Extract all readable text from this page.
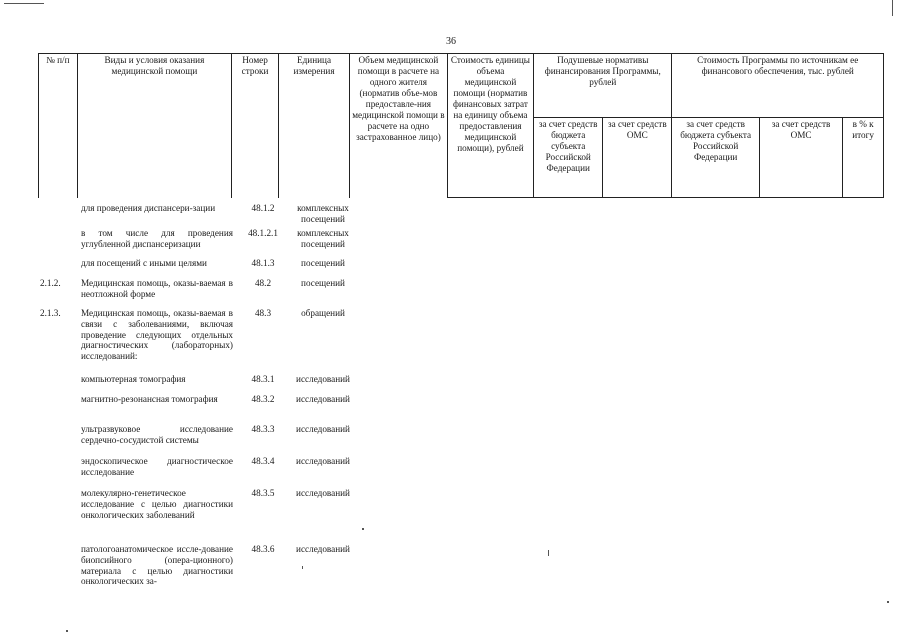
36
№ п/п	Виды и условия оказания медицинской помощи	Номер строки	Единица измерения	Объем медицинской помощи в расчете на одного жителя (норматив объе-мов предоставле-ния медицинской помощи в расчете на одно застрахованное лицо)	Стоимость единицы объема медицинской помощи (норматив финансовых затрат на единицу объема предоставления медицинской помощи), рублей	Подушевые нормативы финансирования Программы, рублей		Стоимость Программы по источникам ее финансового обеспечения, тыс. рублей		
						за счет средств бюджета субъекта Российской Федерации	за счет средств ОМС	за счет средств бюджета субъекта Российской Федерации	за счет средств ОМС	в % к итогу
	для проведения диспансери-зации	48.1.2	комплексных посещений
	в том числе для проведения углубленной диспансеризации	48.1.2.1	комплексных посещений
	для посещений с иными целями	48.1.3	посещений
2.1.2.	Медицинская помощь, оказы-ваемая в неотложной форме	48.2	посещений
2.1.3.	Медицинская помощь, оказы-ваемая в связи с заболеваниями, включая проведение следующих отдельных диагностических (лабораторных) исследований:	48.3	обращений
	компьютерная томография	48.3.1	исследований
	магнитно-резонансная томография	48.3.2	исследований
	ультразвуковое исследование сердечно-сосудистой системы	48.3.3	исследований
	эндоскопическое диагностическое исследование	48.3.4	исследований
	молекулярно-генетическое исследование с целью диагностики онкологических заболеваний	48.3.5	исследований
	патологоанатомическое иссле-дование биопсийного (опера-ционного) материала с целью диагностики онкологических за-	48.3.6	исследований
